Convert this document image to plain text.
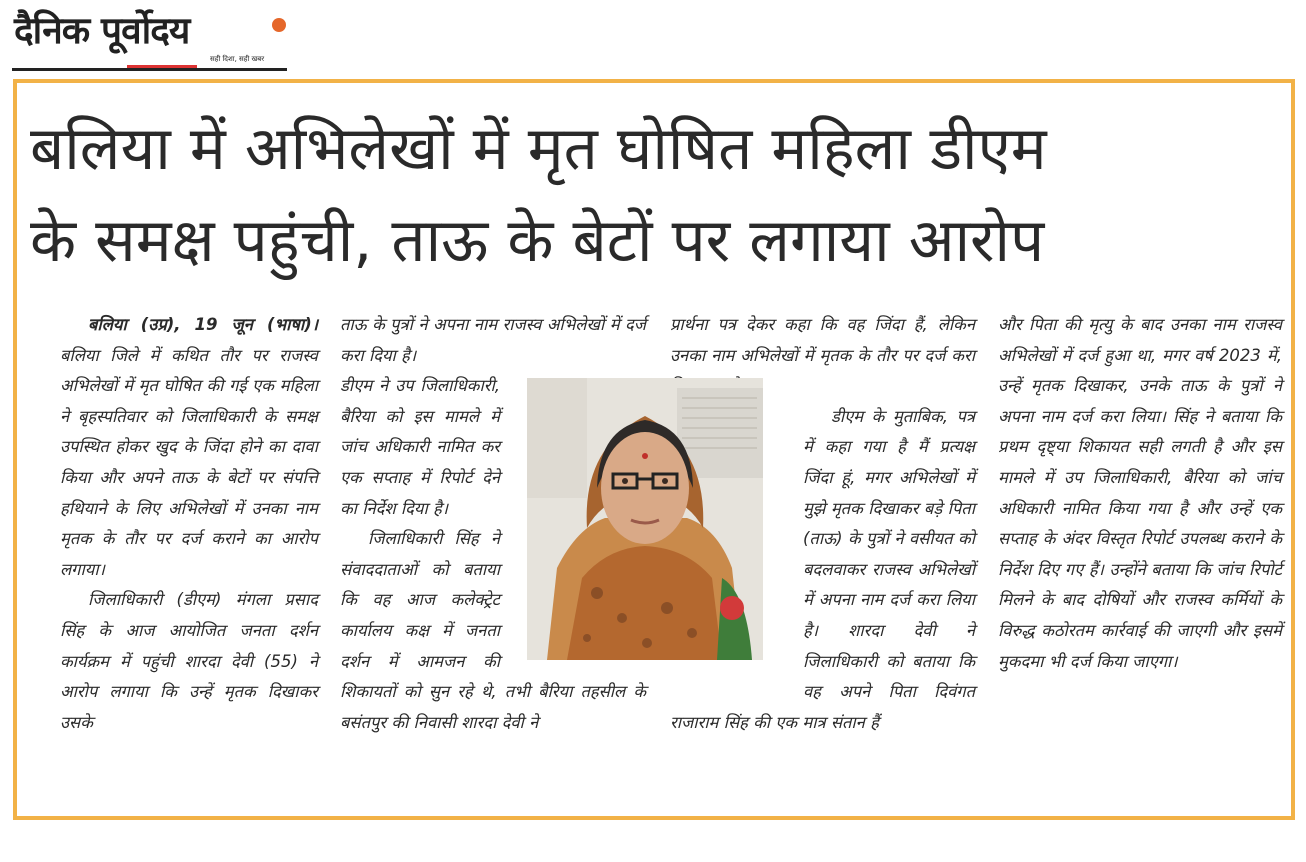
दैनिक पूर्वोदय
सही दिशा, सही खबर
बलिया में अभिलेखों में मृत घोषित महिला डीएम
के समक्ष पहुंची, ताऊ के बेटों पर लगाया आरोप

बलिया (उप्र), 19 जून (भाषा)। बलिया जिले में कथित तौर पर राजस्व अभिलेखों में मृत घोषित की गई एक महिला ने बृहस्पतिवार को जिलाधिकारी के समक्ष उपस्थित होकर खुद के जिंदा होने का दावा किया और अपने ताऊ के बेटों पर संपत्ति हथियाने के लिए अभिलेखों में उनका नाम मृतक के तौर पर दर्ज कराने का आरोप लगाया।

जिलाधिकारी (डीएम) मंगला प्रसाद सिंह के आज आयोजित जनता दर्शन कार्यक्रम में पहुंची शारदा देवी (55) ने आरोप लगाया कि उन्हें मृतक दिखाकर उसके

ताऊ के पुत्रों ने अपना नाम राजस्व अभिलेखों में दर्ज करा दिया है।

डीएम ने उप जिलाधिकारी, बैरिया को इस मामले में जांच अधिकारी नामित कर एक सप्ताह में रिपोर्ट देने का निर्देश दिया है।

जिलाधिकारी सिंह ने संवाददाताओं को बताया कि वह आज कलेक्ट्रेट कार्यालय कक्ष में जनता दर्शन में आमजन की शिकायतों को सुन रहे थे, तभी बैरिया तहसील के बसंतपुर की निवासी शारदा देवी ने

प्रार्थना पत्र देकर कहा कि वह जिंदा हैं, लेकिन उनका नाम अभिलेखों में मृतक के तौर पर दर्ज करा

डीएम के मुताबिक, पत्र में कहा गया है मैं प्रत्यक्ष जिंदा हूं, मगर अभिलेखों में मुझे मृतक दिखाकर बड़े पिता (ताऊ) के पुत्रों ने वसीयत को बदलवाकर राजस्व अभिलेखों में अपना नाम दर्ज करा लिया है। शारदा देवी ने जिलाधिकारी को बताया कि वह अपने पिता दिवंगत राजाराम सिंह की एक मात्र संतान हैं

और पिता की मृत्यु के बाद उनका नाम राजस्व अभिलेखों में दर्ज हुआ था, मगर वर्ष 2023 में, उन्हें मृतक दिखाकर, उनके ताऊ के पुत्रों ने अपना नाम दर्ज करा लिया। सिंह ने बताया कि प्रथम दृष्ट्या शिकायत सही लगती है और इस मामले में उप जिलाधिकारी, बैरिया को जांच अधिकारी नामित किया गया है और उन्हें एक सप्ताह के अंदर विस्तृत रिपोर्ट उपलब्ध कराने के निर्देश दिए गए हैं। उन्होंने बताया कि जांच रिपोर्ट मिलने के बाद दोषियों और राजस्व कर्मियों के विरुद्ध कठोरतम कार्रवाई की जाएगी और इसमें मुकदमा भी दर्ज किया जाएगा।
